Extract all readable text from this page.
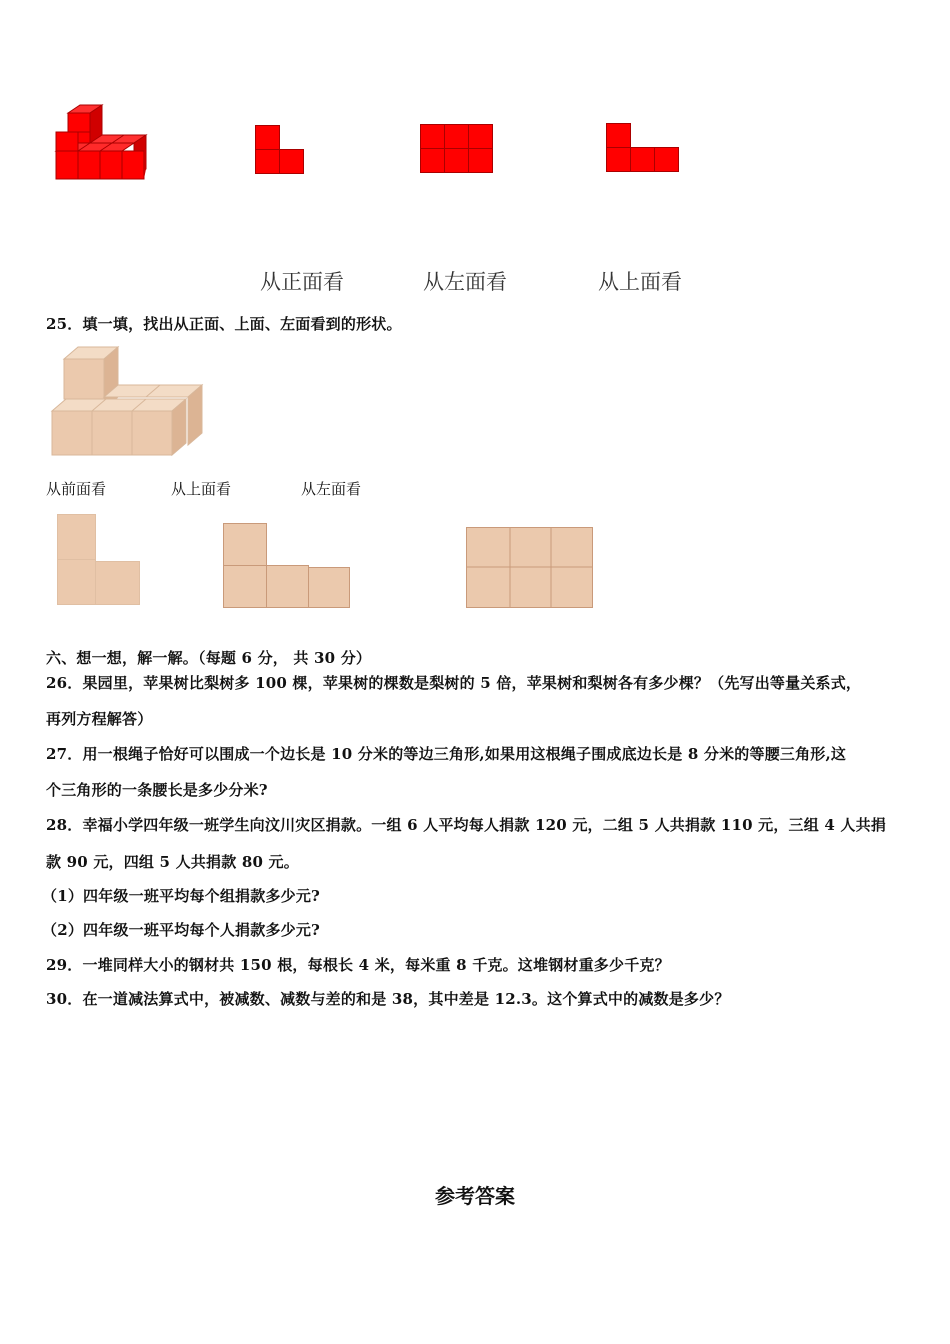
从正面看	从左面看	从上面看
25．填一填，找出从正面、上面、左面看到的形状。
从前面看	从上面看	从左面看
六、想一想，解一解。（每题 6 分， 共 30 分）
26．果园里，苹果树比梨树多 100 棵，苹果树的棵数是梨树的 5 倍，苹果树和梨树各有多少棵？（先写出等量关系式，
再列方程解答）
27．用一根绳子恰好可以围成一个边长是 10 分米的等边三角形,如果用这根绳子围成底边长是 8 分米的等腰三角形,这
个三角形的一条腰长是多少分米?
28．幸福小学四年级一班学生向汶川灾区捐款。一组 6 人平均每人捐款 120 元，二组 5 人共捐款 110 元，三组 4 人共捐
款 90 元，四组 5 人共捐款 80 元。
（1）四年级一班平均每个组捐款多少元?
（2）四年级一班平均每个人捐款多少元?
29．一堆同样大小的钢材共 150 根，每根长 4 米，每米重 8 千克。这堆钢材重多少千克？
30．在一道减法算式中，被减数、减数与差的和是 38，其中差是 12.3。这个算式中的减数是多少？
参考答案
